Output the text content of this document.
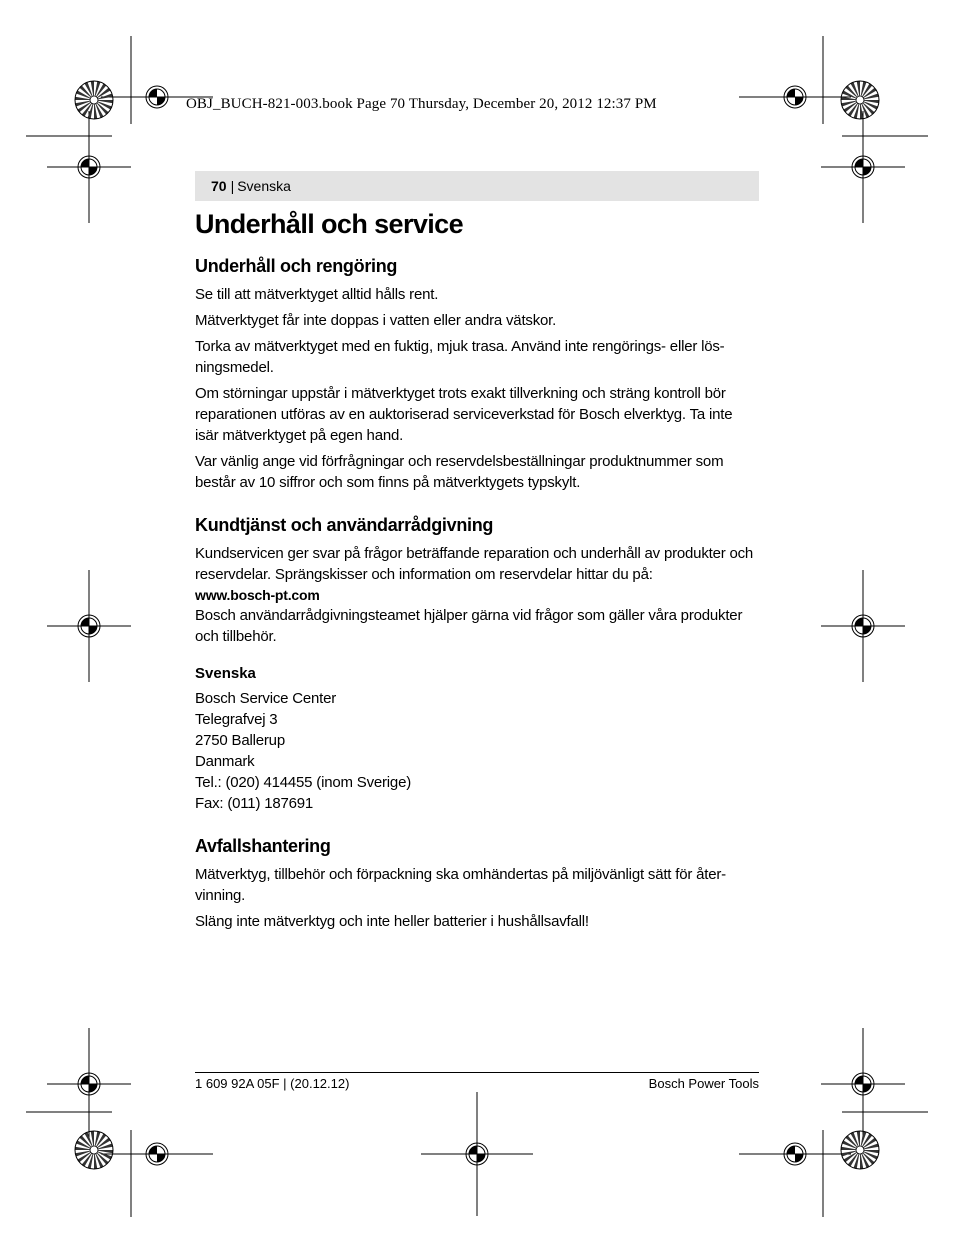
OBJ_BUCH-821-003.book Page 70 Thursday, December 20, 2012 12:37 PM
70 | Svenska
Underhåll och service
Underhåll och rengöring

Se till att mätverktyget alltid hålls rent.

Mätverktyget får inte doppas i vatten eller andra vätskor.

Torka av mätverktyget med en fuktig, mjuk trasa. Använd inte rengörings- eller lös-ningsmedel.

Om störningar uppstår i mätverktyget trots exakt tillverkning och sträng kontroll bör reparationen utföras av en auktoriserad serviceverkstad för Bosch elverktyg. Ta inte isär mätverktyget på egen hand.

Var vänlig ange vid förfrågningar och reservdelsbeställningar produktnummer som består av 10 siffror och som finns på mätverktygets typskylt.

Kundtjänst och användarrådgivning

Kundservicen ger svar på frågor beträffande reparation och underhåll av produkter och reservdelar. Sprängskisser och information om reservdelar hittar du på:

www.bosch-pt.com

Bosch användarrådgivningsteamet hjälper gärna vid frågor som gäller våra produkter och tillbehör.

Svenska
Bosch Service Center
Telegrafvej 3
2750 Ballerup
Danmark
Tel.: (020) 414455 (inom Sverige)
Fax: (011) 187691
Avfallshantering

Mätverktyg, tillbehör och förpackning ska omhändertas på miljövänligt sätt för åter-vinning.

Släng inte mätverktyg och inte heller batterier i hushållsavfall!

1 609 92A 05F | (20.12.12)	Bosch Power Tools
